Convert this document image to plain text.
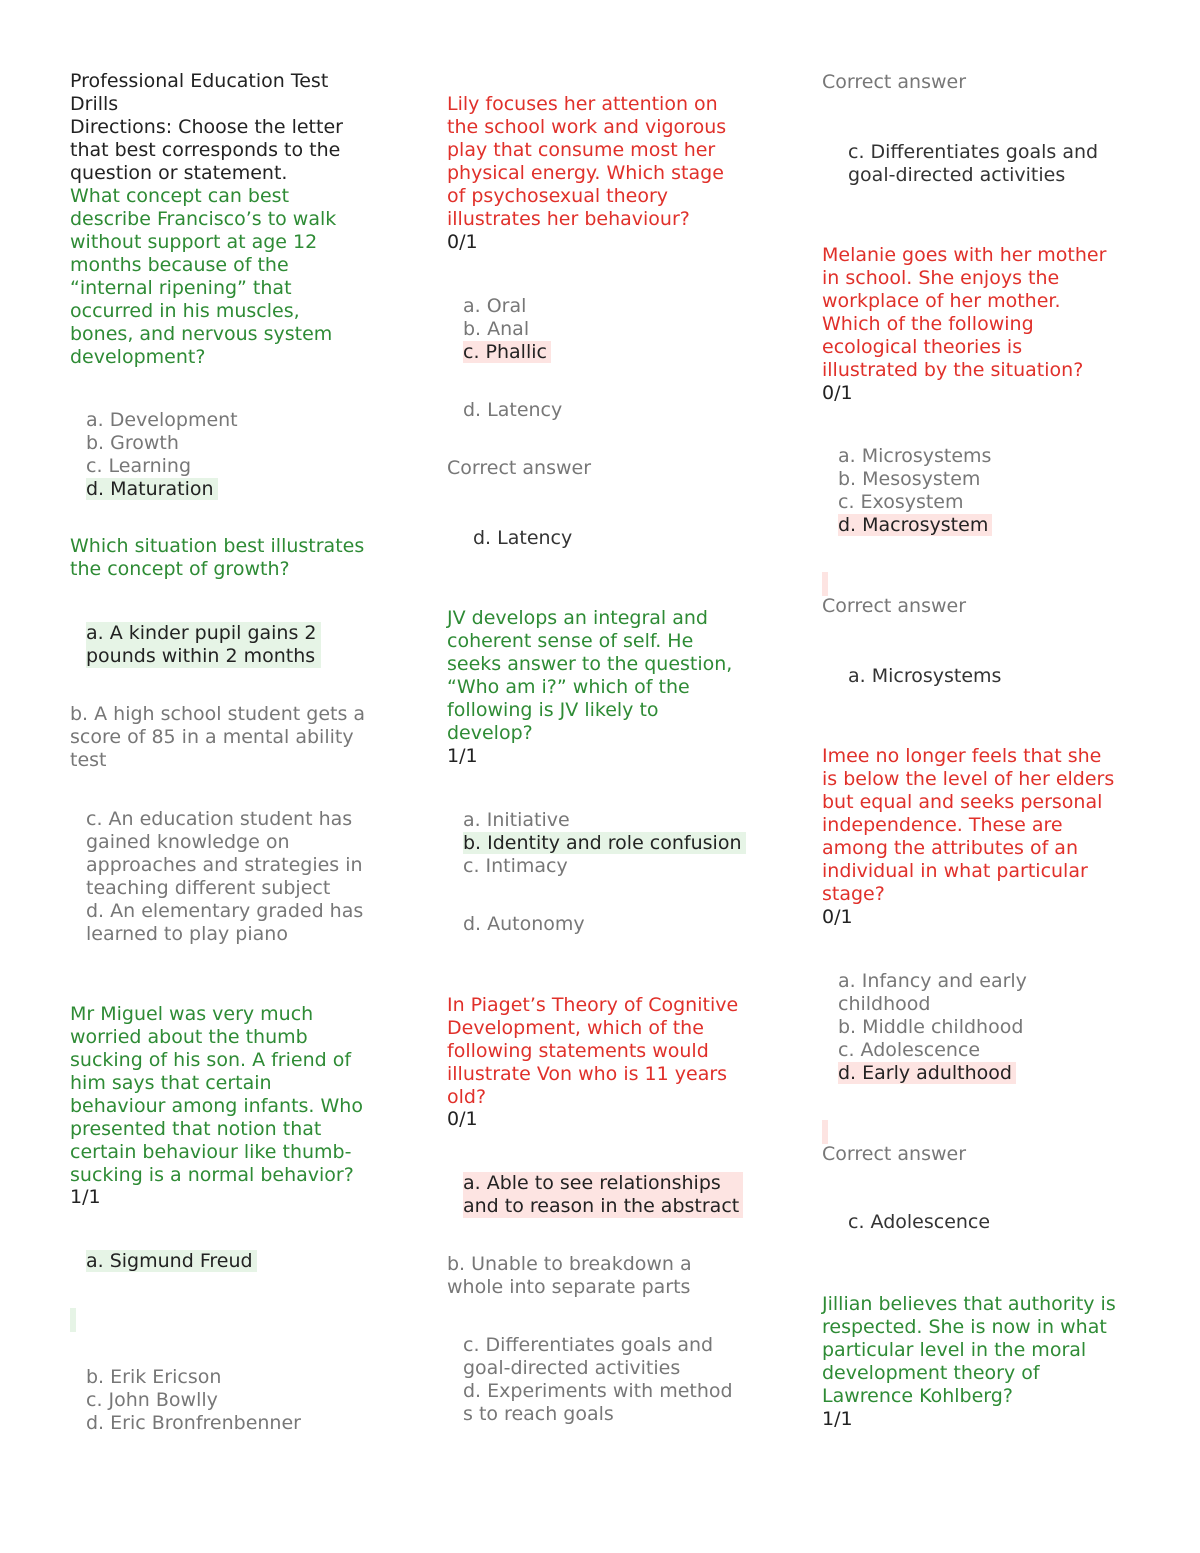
Professional Education Test
Drills
Directions: Choose the letter
that best corresponds to the
question or statement.
What concept can best
describe Francisco’s to walk
without support at age 12
months because of the
“internal ripening” that
occurred in his muscles,
bones, and nervous system
development?
a. Development
b. Growth
c. Learning
d. Maturation
Which situation best illustrates
the concept of growth?
a. A kinder pupil gains 2
pounds within 2 months
b. A high school student gets a
score of 85 in a mental ability
test
c. An education student has
gained knowledge on
approaches and strategies in
teaching different subject
d. An elementary graded has
learned to play piano
Mr Miguel was very much
worried about the thumb
sucking of his son. A friend of
him says that certain
behaviour among infants. Who
presented that notion that
certain behaviour like thumb-
sucking is a normal behavior?
1/1
a. Sigmund Freud
b. Erik Ericson
c. John Bowlly
d. Eric Bronfrenbenner
Lily focuses her attention on
the school work and vigorous
play that consume most her
physical energy. Which stage
of psychosexual theory
illustrates her behaviour?
0/1
a. Oral
b. Anal
c. Phallic
d. Latency
Correct answer
d. Latency
JV develops an integral and
coherent sense of self. He
seeks answer to the question,
“Who am i?” which of the
following is JV likely to
develop?
1/1
a. Initiative
b. Identity and role confusion
c. Intimacy
d. Autonomy
In Piaget’s Theory of Cognitive
Development, which of the
following statements would
illustrate Von who is 11 years
old?
0/1
a. Able to see relationships
and to reason in the abstract
b. Unable to breakdown a
whole into separate parts
c. Differentiates goals and
goal-directed activities
d. Experiments with method
s to reach goals
Correct answer
c. Differentiates goals and
goal-directed activities
Melanie goes with her mother
in school. She enjoys the
workplace of her mother.
Which of the following
ecological theories is
illustrated by the situation?
0/1
a. Microsystems
b. Mesosystem
c. Exosystem
d. Macrosystem
Correct answer
a. Microsystems
Imee no longer feels that she
is below the level of her elders
but equal and seeks personal
independence. These are
among the attributes of an
individual in what particular
stage?
0/1
a. Infancy and early
childhood
b. Middle childhood
c. Adolescence
d. Early adulthood
Correct answer
c. Adolescence
Jillian believes that authority is
respected. She is now in what
particular level in the moral
development theory of
Lawrence Kohlberg?
1/1
